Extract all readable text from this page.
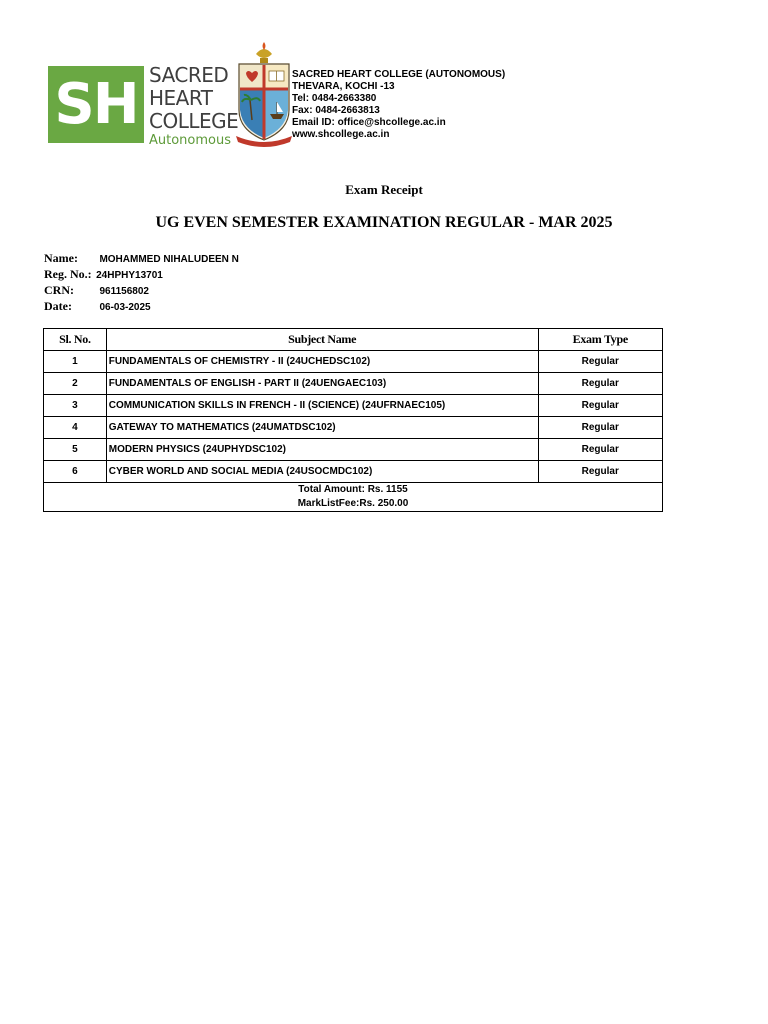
SH SACRED
HEART
COLLEGE
Autonomous
SACRED HEART COLLEGE (AUTONOMOUS)
THEVARA, KOCHI -13
Tel: 0484-2663380
Fax: 0484-2663813
Email ID: office@shcollege.ac.in
www.shcollege.ac.in
Exam Receipt
UG EVEN SEMESTER EXAMINATION REGULAR - MAR 2025
Name: MOHAMMED NIHALUDEEN N
Reg. No.: 24HPHY13701
CRN:	961156802
Date:	06-03-2025
Sl. No.	Subject Name	Exam Type
1	FUNDAMENTALS OF CHEMISTRY - II (24UCHEDSC102)	Regular
2	FUNDAMENTALS OF ENGLISH - PART II (24UENGAEC103)	Regular
3	COMMUNICATION SKILLS IN FRENCH - II (SCIENCE) (24UFRNAEC105)	Regular
4	GATEWAY TO MATHEMATICS (24UMATDSC102)	Regular
5	MODERN PHYSICS (24UPHYDSC102)	Regular
6	CYBER WORLD AND SOCIAL MEDIA (24USOCMDC102)	Regular

Total Amount: Rs. 1155
MarkListFee:Rs. 250.00		
